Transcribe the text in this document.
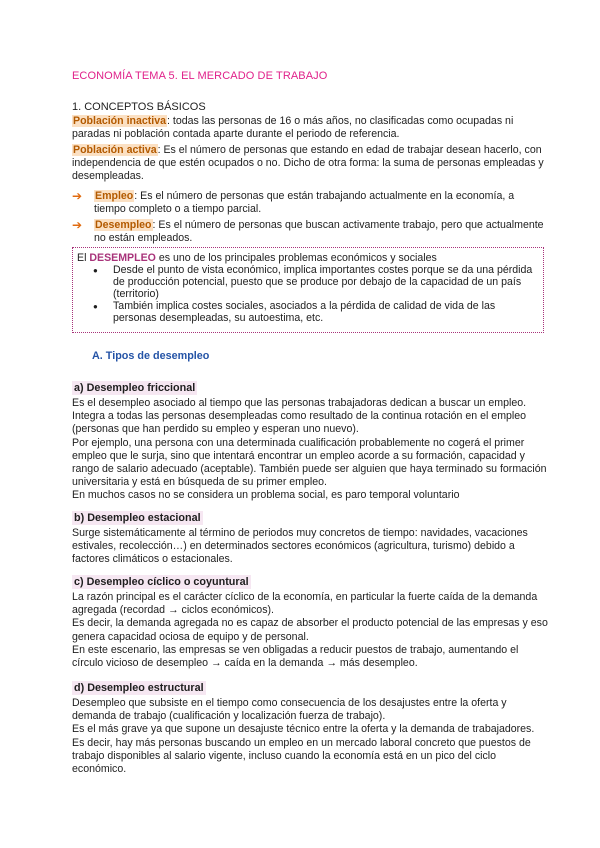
ECONOMÍA TEMA 5. EL MERCADO DE TRABAJO
1. CONCEPTOS BÁSICOS
Población inactiva: todas las personas de 16 o más años, no clasificadas como ocupadas ni paradas ni población contada aparte durante el periodo de referencia.
Población activa: Es el número de personas que estando en edad de trabajar desean hacerlo, con independencia de que estén ocupados o no. Dicho de otra forma: la suma de personas empleadas y desempleadas.
➔ Empleo: Es el número de personas que están trabajando actualmente en la economía, a tiempo completo o a tiempo parcial.
➔ Desempleo: Es el número de personas que buscan activamente trabajo, pero que actualmente no están empleados.
El DESEMPLEO es uno de los principales problemas económicos y sociales
● Desde el punto de vista económico, implica importantes costes porque se da una pérdida de producción potencial, puesto que se produce por debajo de la capacidad de un país (territorio)
● También implica costes sociales, asociados a la pérdida de calidad de vida de las personas desempleadas, su autoestima, etc.
A. Tipos de desempleo
a) Desempleo friccional
Es el desempleo asociado al tiempo que las personas trabajadoras dedican a buscar un empleo. Integra a todas las personas desempleadas como resultado de la continua rotación en el empleo (personas que han perdido su empleo y esperan uno nuevo).
Por ejemplo, una persona con una determinada cualificación probablemente no cogerá el primer empleo que le surja, sino que intentará encontrar un empleo acorde a su formación, capacidad y rango de salario adecuado (aceptable). También puede ser alguien que haya terminado su formación universitaria y está en búsqueda de su primer empleo.
En muchos casos no se considera un problema social, es paro temporal voluntario
b) Desempleo estacional
Surge sistemáticamente al término de periodos muy concretos de tiempo: navidades, vacaciones estivales, recolección…) en determinados sectores económicos (agricultura, turismo) debido a factores climáticos o estacionales.
c) Desempleo cíclico o coyuntural
La razón principal es el carácter cíclico de la economía, en particular la fuerte caída de la demanda agregada (recordad → ciclos económicos).
Es decir, la demanda agregada no es capaz de absorber el producto potencial de las empresas y eso genera capacidad ociosa de equipo y de personal.
En este escenario, las empresas se ven obligadas a reducir puestos de trabajo, aumentando el círculo vicioso de desempleo → caída en la demanda → más desempleo.
d) Desempleo estructural
Desempleo que subsiste en el tiempo como consecuencia de los desajustes entre la oferta y demanda de trabajo (cualificación y localización fuerza de trabajo).
Es el más grave ya que supone un desajuste técnico entre la oferta y la demanda de trabajadores.
Es decir, hay más personas buscando un empleo en un mercado laboral concreto que puestos de trabajo disponibles al salario vigente, incluso cuando la economía está en un pico del ciclo económico.
